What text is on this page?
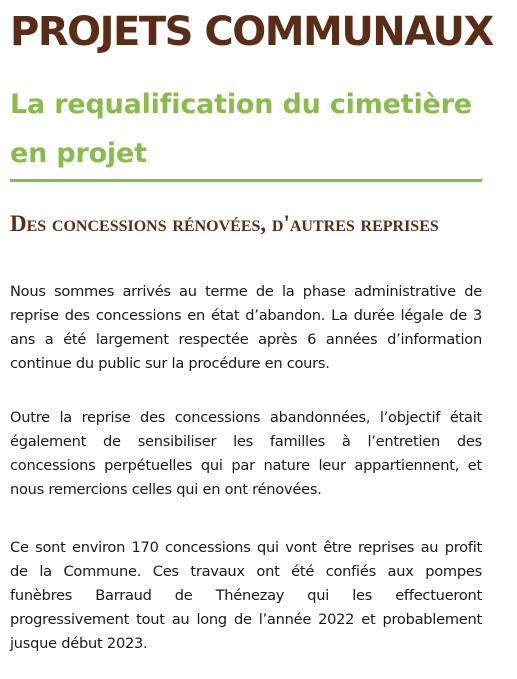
PROJETS COMMUNAUX
La requalification du cimetière en projet
Des concessions rénovées, d'autres reprises

Nous sommes arrivés au terme de la phase administrative de reprise des concessions en état d’abandon. La durée légale de 3 ans a été largement respectée après 6 années d’information continue du public sur la procédure en cours.

Outre la reprise des concessions abandonnées, l’objectif était également de sensibiliser les familles à l’entretien des concessions perpétuelles qui par nature leur appartiennent, et nous remercions celles qui en ont rénovées.

Ce sont environ 170 concessions qui vont être reprises au profit de la Commune. Ces travaux ont été confiés aux pompes funèbres Barraud de Thénezay qui les effectueront progressivement tout au long de l’année 2022 et probablement jusque début 2023.
